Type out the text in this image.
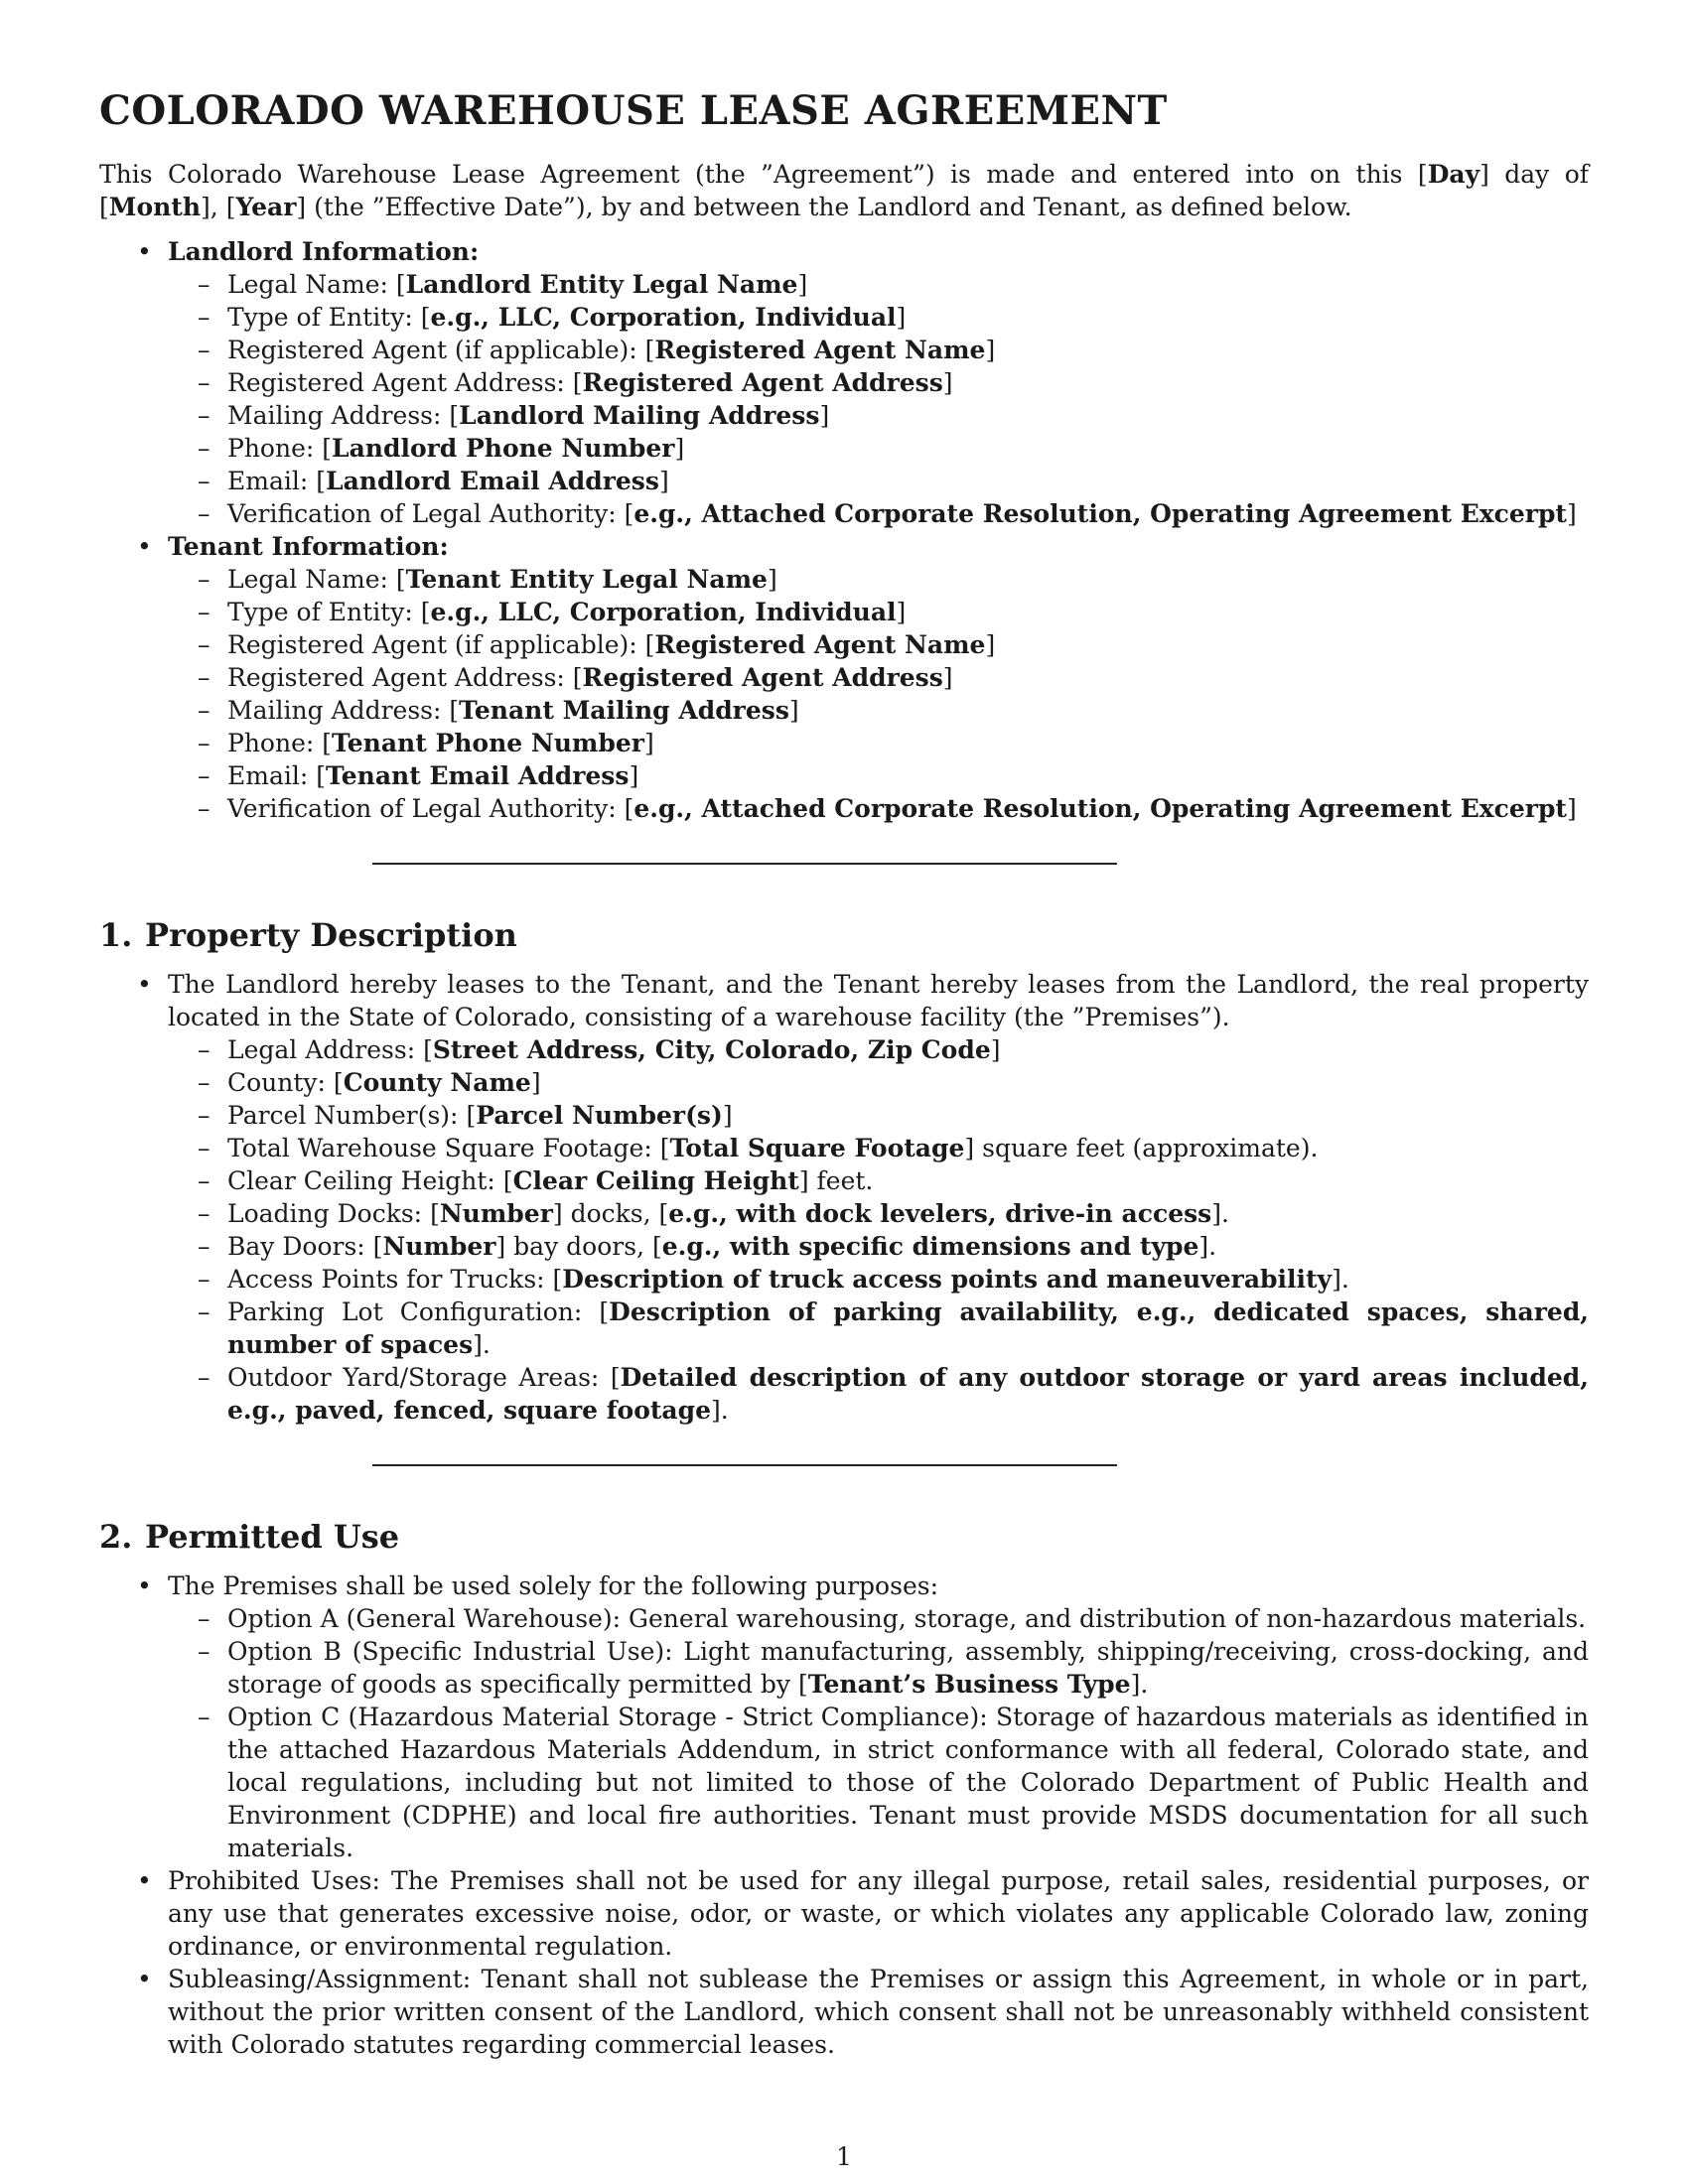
COLORADO WAREHOUSE LEASE AGREEMENT

This Colorado Warehouse Lease Agreement (the ”Agreement”) is made and entered into on this [Day] day of [Month], [Year] (the ”Effective Date”), by and between the Landlord and Tenant, as defined below.

• Landlord Information:
– Legal Name: [Landlord Entity Legal Name]
– Type of Entity: [e.g., LLC, Corporation, Individual]
– Registered Agent (if applicable): [Registered Agent Name]
– Registered Agent Address: [Registered Agent Address]
– Mailing Address: [Landlord Mailing Address]
– Phone: [Landlord Phone Number]
– Email: [Landlord Email Address]
– Verification of Legal Authority: [e.g., Attached Corporate Resolution, Operating Agreement Excerpt]
• Tenant Information:
– Legal Name: [Tenant Entity Legal Name]
– Type of Entity: [e.g., LLC, Corporation, Individual]
– Registered Agent (if applicable): [Registered Agent Name]
– Registered Agent Address: [Registered Agent Address]
– Mailing Address: [Tenant Mailing Address]
– Phone: [Tenant Phone Number]
– Email: [Tenant Email Address]
– Verification of Legal Authority: [e.g., Attached Corporate Resolution, Operating Agreement Excerpt]
1. Property Description
• The Landlord hereby leases to the Tenant, and the Tenant hereby leases from the Landlord, the real property located in the State of Colorado, consisting of a warehouse facility (the ”Premises”).
– Legal Address: [Street Address, City, Colorado, Zip Code]
– County: [County Name]
– Parcel Number(s): [Parcel Number(s)]
– Total Warehouse Square Footage: [Total Square Footage] square feet (approximate).
– Clear Ceiling Height: [Clear Ceiling Height] feet.
– Loading Docks: [Number] docks, [e.g., with dock levelers, drive-in access].
– Bay Doors: [Number] bay doors, [e.g., with specific dimensions and type].
– Access Points for Trucks: [Description of truck access points and maneuverability].
– Parking Lot Configuration: [Description of parking availability, e.g., dedicated spaces, shared, number of spaces].
– Outdoor Yard/Storage Areas: [Detailed description of any outdoor storage or yard areas included, e.g., paved, fenced, square footage].
2. Permitted Use
• The Premises shall be used solely for the following purposes:
– Option A (General Warehouse): General warehousing, storage, and distribution of non-hazardous materials.
– Option B (Specific Industrial Use): Light manufacturing, assembly, shipping/receiving, cross-docking, and storage of goods as specifically permitted by [Tenant’s Business Type].
– Option C (Hazardous Material Storage - Strict Compliance): Storage of hazardous materials as identified in the attached Hazardous Materials Addendum, in strict conformance with all federal, Colorado state, and local regulations, including but not limited to those of the Colorado Department of Public Health and Environment (CDPHE) and local fire authorities. Tenant must provide MSDS documentation for all such materials.
• Prohibited Uses: The Premises shall not be used for any illegal purpose, retail sales, residential purposes, or any use that generates excessive noise, odor, or waste, or which violates any applicable Colorado law, zoning ordinance, or environmental regulation.
• Subleasing/Assignment: Tenant shall not sublease the Premises or assign this Agreement, in whole or in part, without the prior written consent of the Landlord, which consent shall not be unreasonably withheld consistent with Colorado statutes regarding commercial leases.
1
